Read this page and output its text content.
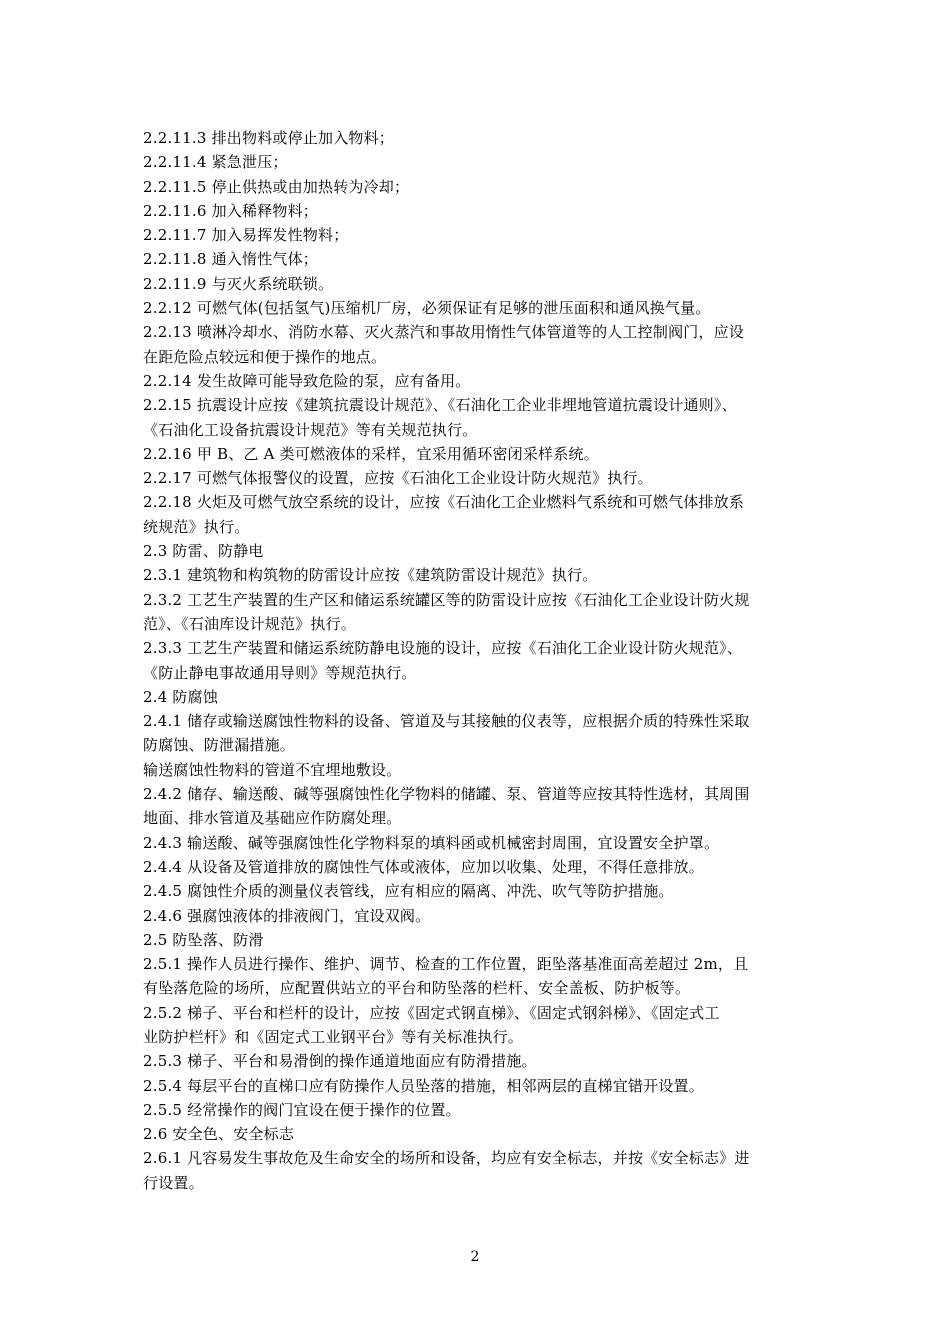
2.2.11.3 排出物料或停止加入物料；
2.2.11.4 紧急泄压；
2.2.11.5 停止供热或由加热转为冷却；
2.2.11.6 加入稀释物料；
2.2.11.7 加入易挥发性物料；
2.2.11.8 通入惰性气体；
2.2.11.9 与灭火系统联锁。
2.2.12 可燃气体(包括氢气)压缩机厂房，必须保证有足够的泄压面积和通风换气量。
2.2.13 喷淋冷却水、消防水幕、灭火蒸汽和事故用惰性气体管道等的人工控制阀门，应设
在距危险点较远和便于操作的地点。
2.2.14 发生故障可能导致危险的泵，应有备用。
2.2.15 抗震设计应按《建筑抗震设计规范》、《石油化工企业非埋地管道抗震设计通则》、
《石油化工设备抗震设计规范》等有关规范执行。
2.2.16 甲 B、乙 A 类可燃液体的采样，宜采用循环密闭采样系统。
2.2.17 可燃气体报警仪的设置，应按《石油化工企业设计防火规范》执行。
2.2.18 火炬及可燃气放空系统的设计，应按《石油化工企业燃料气系统和可燃气体排放系
统规范》执行。
2.3 防雷、防静电
2.3.1 建筑物和构筑物的防雷设计应按《建筑防雷设计规范》执行。
2.3.2 工艺生产装置的生产区和储运系统罐区等的防雷设计应按《石油化工企业设计防火规
范》、《石油库设计规范》执行。
2.3.3 工艺生产装置和储运系统防静电设施的设计，应按《石油化工企业设计防火规范》、
《防止静电事故通用导则》等规范执行。
2.4 防腐蚀
2.4.1 储存或输送腐蚀性物料的设备、管道及与其接触的仪表等，应根据介质的特殊性采取
防腐蚀、防泄漏措施。
输送腐蚀性物料的管道不宜埋地敷设。
2.4.2 储存、输送酸、碱等强腐蚀性化学物料的储罐、泵、管道等应按其特性选材，其周围
地面、排水管道及基础应作防腐处理。
2.4.3 输送酸、碱等强腐蚀性化学物料泵的填料函或机械密封周围，宜设置安全护罩。
2.4.4 从设备及管道排放的腐蚀性气体或液体，应加以收集、处理，不得任意排放。
2.4.5 腐蚀性介质的测量仪表管线，应有相应的隔离、冲洗、吹气等防护措施。
2.4.6 强腐蚀液体的排液阀门，宜设双阀。
2.5 防坠落、防滑
2.5.1 操作人员进行操作、维护、调节、检查的工作位置，距坠落基准面高差超过 2m，且
有坠落危险的场所，应配置供站立的平台和防坠落的栏杆、安全盖板、防护板等。
2.5.2 梯子、平台和栏杆的设计，应按《固定式钢直梯》、《固定式钢斜梯》、《固定式工
业防护栏杆》和《固定式工业钢平台》等有关标准执行。
2.5.3 梯子、平台和易滑倒的操作通道地面应有防滑措施。
2.5.4 每层平台的直梯口应有防操作人员坠落的措施，相邻两层的直梯宜错开设置。
2.5.5 经常操作的阀门宜设在便于操作的位置。
2.6 安全色、安全标志
2.6.1 凡容易发生事故危及生命安全的场所和设备，均应有安全标志，并按《安全标志》进
行设置。
2
